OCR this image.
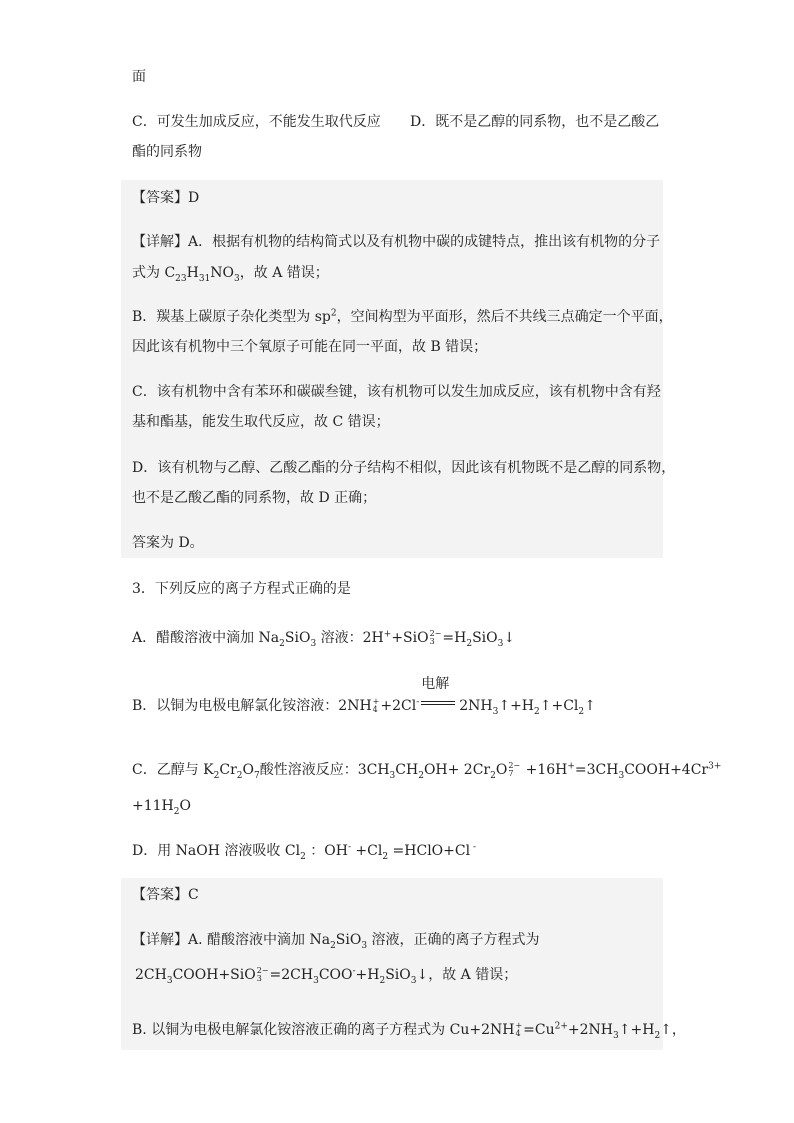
面
C．可发生加成反应，不能发生取代反应 D．既不是乙醇的同系物，也不是乙酸乙
酯的同系物
【答案】D
【详解】A．根据有机物的结构简式以及有机物中碳的成键特点，推出该有机物的分子
式为 $C_{23}H_{31}NO_3$，故 A 错误；
B．羰基上碳原子杂化类型为 $sp^2$，空间构型为平面形，然后不共线三点确定一个平面，
因此该有机物中三个氧原子可能在同一平面，故 B 错误；
C．该有机物中含有苯环和碳碳叁键，该有机物可以发生加成反应，该有机物中含有羟
基和酯基，能发生取代反应，故 C 错误；
D．该有机物与乙醇、乙酸乙酯的分子结构不相似，因此该有机物既不是乙醇的同系物，
也不是乙酸乙酯的同系物，故 D 正确；
答案为 D。
3．下列反应的离子方程式正确的是
A．醋酸溶液中滴加 $Na_2SiO_3$ 溶液：2H++SiO 2−
$3 =H_2SiO_3↓$
B．以铜为电极电解氯化铵溶液：2NH +
4 +2Cl-
电解
$2NH_3↑+H_2↑+Cl_2↑$
C．乙醇与 $K_2Cr_2O_7$酸性溶液反应：$3CH_3CH_2OH+ 2Cr_2O$ 2−
$7 +16H^+=3CH_3COOH+4Cr^{3+}$
$+11H_2O$
D．用 NaOH 溶液吸收 $Cl_2$ ：$OH^- +Cl_2$ =HClO+Cl -
【答案】C
【详解】A. 醋酸溶液中滴加 $Na_2SiO_3$ 溶液，正确的离子方程式为
$2CH_3COOH+SiO$ 2−
$3 =2CH_3COO^-+H_2SiO_3↓$，故 A 错误；
B. 以铜为电极电解氯化铵溶液正确的离子方程式为 Cu+2NH +
$4 =Cu^{2+}+2NH_3↑+H_2↑$，
